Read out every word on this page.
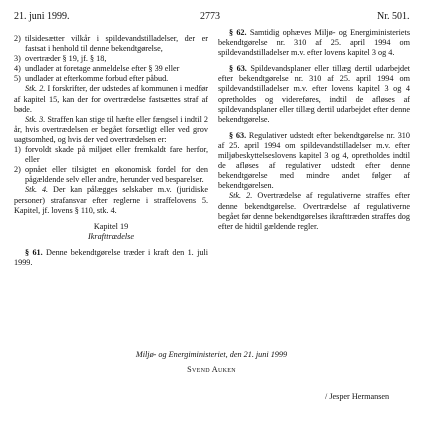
21. juni 1999.	2773	Nr. 501.
2) tilsidesætter vilkår i spildevandstilladelser, der er fastsat i henhold til denne bekendtgørelse,
3) overtræder § 19, jf. § 18,
4) undlader at foretage anmeldelse efter § 39 eller
5) undlader at efterkomme forbud efter påbud.

Stk. 2. I forskrifter, der udstedes af kommunen i medfør af kapitel 15, kan der for overtrædelse fastsættes straf af bøde.

Stk. 3. Straffen kan stige til hæfte eller fængsel i indtil 2 år, hvis overtrædelsen er begået forsætligt eller ved grov uagtsomhed, og hvis der ved overtrædelsen er:

1) forvoldt skade på miljøet eller fremkaldt fare herfor, eller
2) opnået eller tilsigtet en økonomisk fordel for den pågældende selv eller andre, herunder ved besparelser.

Stk. 4. Der kan pålægges selskaber m.v. (juridiske personer) strafansvar efter reglerne i straffelovens 5. Kapitel, jf. lovens § 110, stk. 4.

Kapitel 19

Ikrafttrædelse

§ 61. Denne bekendtgørelse træder i kraft den 1. juli 1999.

§ 62. Samtidig ophæves Miljø- og Energiministeriets bekendtgørelse nr. 310 af 25. april 1994 om spildevandstilladelser m.v. efter lovens kapitel 3 og 4.

§ 63. Spildevandsplaner eller tillæg dertil udarbejdet efter bekendtgørelse nr. 310 af 25. april 1994 om spildevandstilladelser m.v. efter lovens kapitel 3 og 4 opretholdes og videreføres, indtil de afløses af spildevandsplaner eller tillæg dertil udarbejdet efter denne bekendtgørelse.

§ 63. Regulativer udstedt efter bekendtgørelse nr. 310 af 25. april 1994 om spildevandstilladelser m.v. efter miljøbeskyttelseslovens kapitel 3 og 4, opretholdes indtil de afløses af regulativer udstedt efter denne bekendtgørelse med mindre andet følger af bekendtgørelsen.

Stk. 2. Overtrædelse af regulativerne straffes efter denne bekendtgørelse. Overtrædelse af regulativerne begået før denne bekendtgørelses ikrafttræden straffes dog efter de hidtil gældende regler.

Miljø- og Energiministeriet, den 21. juni 1999
Svend Auken
/ Jesper Hermansen
